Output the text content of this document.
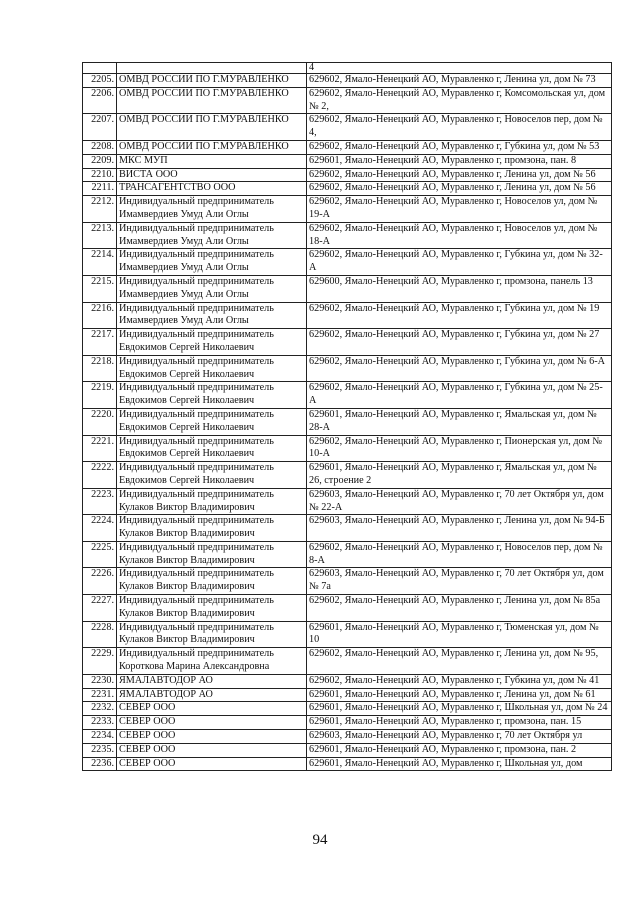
		4
2205.	ОМВД РОССИИ ПО Г.МУРАВЛЕНКО	629602, Ямало-Ненецкий АО, Муравленко г, Ленина ул, дом № 73
2206.	ОМВД РОССИИ ПО Г.МУРАВЛЕНКО	629602, Ямало-Ненецкий АО, Муравленко г, Комсомольская ул, дом № 2,
2207.	ОМВД РОССИИ ПО Г.МУРАВЛЕНКО	629602, Ямало-Ненецкий АО, Муравленко г, Новоселов пер, дом № 4,
2208.	ОМВД РОССИИ ПО Г.МУРАВЛЕНКО	629602, Ямало-Ненецкий АО, Муравленко г, Губкина ул, дом № 53
2209.	МКС МУП	629601, Ямало-Ненецкий АО, Муравленко г, промзона, пан. 8
2210.	ВИСТА ООО	629602, Ямало-Ненецкий АО, Муравленко г, Ленина ул, дом № 56
2211.	ТРАНСАГЕНТСТВО ООО	629602, Ямало-Ненецкий АО, Муравленко г, Ленина ул, дом № 56
2212.	Индивидуальный предприниматель Имамвердиев Умуд Али Оглы	629602, Ямало-Ненецкий АО, Муравленко г, Новоселов ул, дом № 19-А
2213.	Индивидуальный предприниматель Имамвердиев Умуд Али Оглы	629602, Ямало-Ненецкий АО, Муравленко г, Новоселов ул, дом № 18-А
2214.	Индивидуальный предприниматель Имамвердиев Умуд Али Оглы	629602, Ямало-Ненецкий АО, Муравленко г, Губкина ул, дом № 32-А
2215.	Индивидуальный предприниматель Имамвердиев Умуд Али Оглы	629600, Ямало-Ненецкий АО, Муравленко г, промзона, панель 13
2216.	Индивидуальный предприниматель Имамвердиев Умуд Али Оглы	629602, Ямало-Ненецкий АО, Муравленко г, Губкина ул, дом № 19
2217.	Индивидуальный предприниматель Евдокимов Сергей Николаевич	629602, Ямало-Ненецкий АО, Муравленко г, Губкина ул, дом № 27
2218.	Индивидуальный предприниматель Евдокимов Сергей Николаевич	629602, Ямало-Ненецкий АО, Муравленко г, Губкина ул, дом № 6-А
2219.	Индивидуальный предприниматель Евдокимов Сергей Николаевич	629602, Ямало-Ненецкий АО, Муравленко г, Губкина ул, дом № 25-А
2220.	Индивидуальный предприниматель Евдокимов Сергей Николаевич	629601, Ямало-Ненецкий АО, Муравленко г, Ямальская ул, дом № 28-А
2221.	Индивидуальный предприниматель Евдокимов Сергей Николаевич	629602, Ямало-Ненецкий АО, Муравленко г, Пионерская ул, дом № 10-А
2222.	Индивидуальный предприниматель Евдокимов Сергей Николаевич	629601, Ямало-Ненецкий АО, Муравленко г, Ямальская ул, дом № 26, строение 2
2223.	Индивидуальный предприниматель Кулаков Виктор Владимирович	629603, Ямало-Ненецкий АО, Муравленко г, 70 лет Октября ул, дом № 22-А
2224.	Индивидуальный предприниматель Кулаков Виктор Владимирович	629603, Ямало-Ненецкий АО, Муравленко г, Ленина ул, дом № 94-Б
2225.	Индивидуальный предприниматель Кулаков Виктор Владимирович	629602, Ямало-Ненецкий АО, Муравленко г, Новоселов пер, дом № 8-А
2226.	Индивидуальный предприниматель Кулаков Виктор Владимирович	629603, Ямало-Ненецкий АО, Муравленко г, 70 лет Октября ул, дом № 7а
2227.	Индивидуальный предприниматель Кулаков Виктор Владимирович	629602, Ямало-Ненецкий АО, Муравленко г, Ленина ул, дом № 85а
2228.	Индивидуальный предприниматель Кулаков Виктор Владимирович	629601, Ямало-Ненецкий АО, Муравленко г, Тюменская ул, дом № 10
2229.	Индивидуальный предприниматель Короткова Марина Александровна	629602, Ямало-Ненецкий АО, Муравленко г, Ленина ул, дом № 95,
2230.	ЯМАЛАВТОДОР АО	629602, Ямало-Ненецкий АО, Муравленко г, Губкина ул, дом № 41
2231.	ЯМАЛАВТОДОР АО	629601, Ямало-Ненецкий АО, Муравленко г, Ленина ул, дом № 61
2232.	СЕВЕР ООО	629601, Ямало-Ненецкий АО, Муравленко г, Школьная ул, дом № 24
2233.	СЕВЕР ООО	629601, Ямало-Ненецкий АО, Муравленко г, промзона, пан. 15
2234.	СЕВЕР ООО	629603, Ямало-Ненецкий АО, Муравленко г, 70 лет Октября ул
2235.	СЕВЕР ООО	629601, Ямало-Ненецкий АО, Муравленко г, промзона, пан. 2
2236.	СЕВЕР ООО	629601, Ямало-Ненецкий АО, Муравленко г, Школьная ул, дом
94
